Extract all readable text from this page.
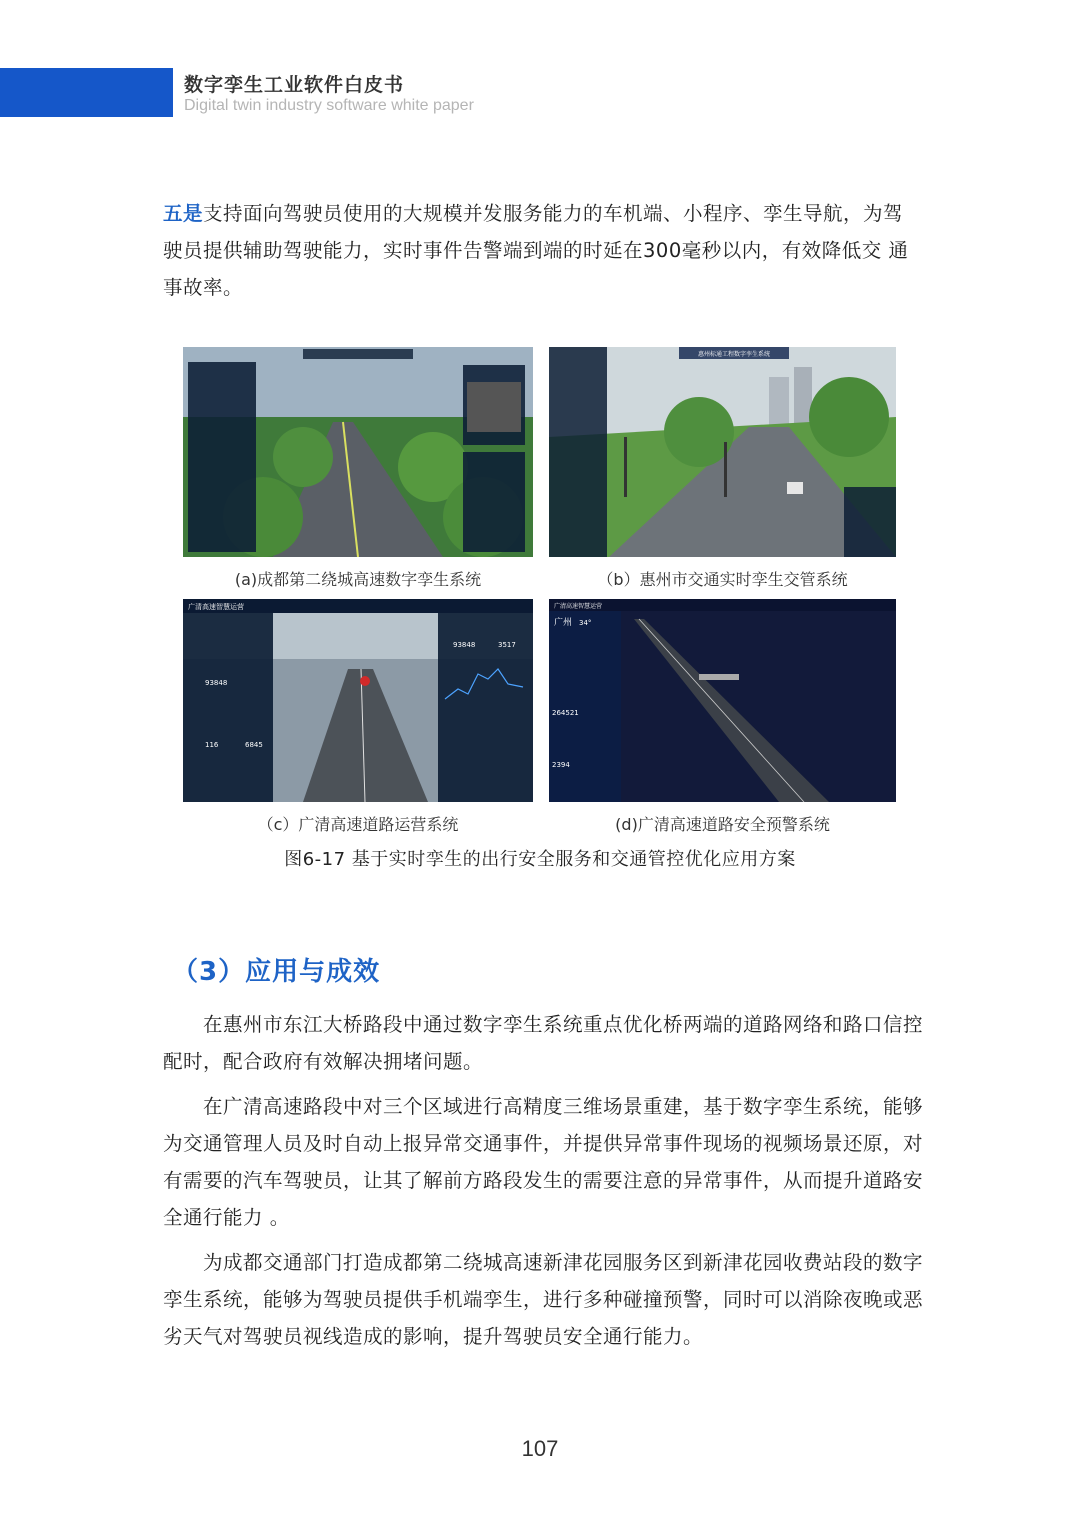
数字孪生工业软件白皮书
Digital twin industry software white paper

五是支持面向驾驶员使用的大规模并发服务能力的车机端、小程序、孪生导航，为驾驶员提供辅助驾驶能力，实时事件告警端到端的时延在300毫秒以内，有效降低交 通事故率。

(a)成都第二绕城高速数字孪生系统
惠州标通工程数字孪生系统
（b）惠州市交通实时孪生交管系统
广清高速智慧运营
93848
116	6845
93848	3517
（c）广清高速道路运营系统
广清高速智慧运营
广州 34°
264521
2394
(d)广清高速道路安全预警系统
图6-17 基于实时孪生的出行安全服务和交通管控优化应用方案
（3）应用与成效

在惠州市东江大桥路段中通过数字孪生系统重点优化桥两端的道路网络和路口信控配时，配合政府有效解决拥堵问题。

在广清高速路段中对三个区域进行高精度三维场景重建，基于数字孪生系统，能够为交通管理人员及时自动上报异常交通事件，并提供异常事件现场的视频场景还原，对有需要的汽车驾驶员，让其了解前方路段发生的需要注意的异常事件，从而提升道路安全通行能力 。

为成都交通部门打造成都第二绕城高速新津花园服务区到新津花园收费站段的数字孪生系统，能够为驾驶员提供手机端孪生，进行多种碰撞预警，同时可以消除夜晚或恶劣天气对驾驶员视线造成的影响，提升驾驶员安全通行能力。

107
